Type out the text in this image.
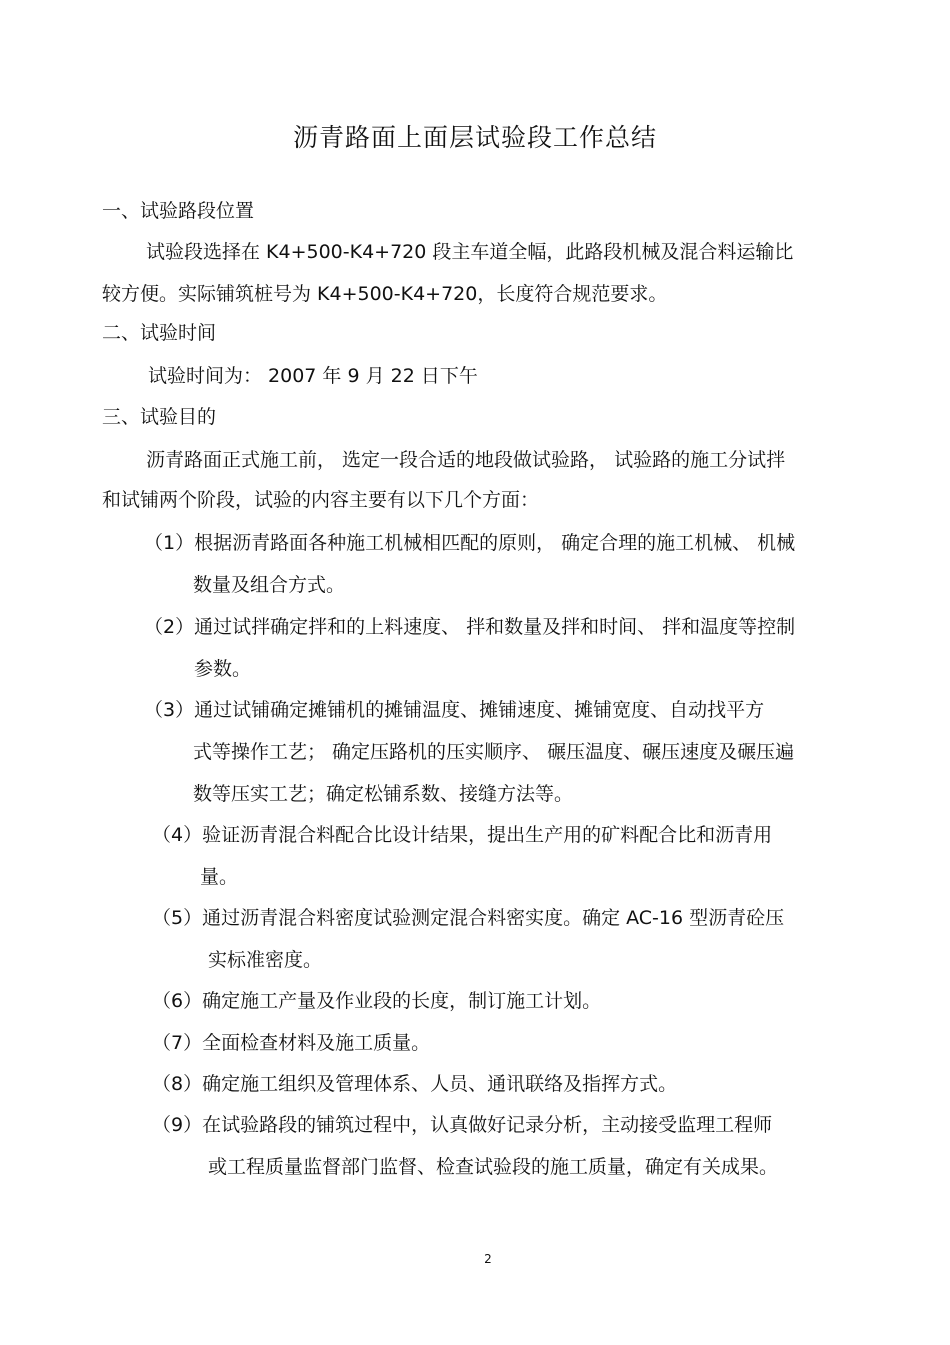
沥青路面上面层试验段工作总结
一、试验路段位置
试验段选择在 K4+500-K4+720 段主车道全幅，此路段机械及混合料运输比
较方便。实际铺筑桩号为 K4+500-K4+720，长度符合规范要求。
二、试验时间
试验时间为： 2007 年 9 月 22 日下午
三、试验目的
沥青路面正式施工前， 选定一段合适的地段做试验路， 试验路的施工分试拌
和试铺两个阶段，试验的内容主要有以下几个方面：
（1）根据沥青路面各种施工机械相匹配的原则， 确定合理的施工机械、 机械
数量及组合方式。
（2）通过试拌确定拌和的上料速度、 拌和数量及拌和时间、 拌和温度等控制
参数。
（3）通过试铺确定摊铺机的摊铺温度、摊铺速度、摊铺宽度、自动找平方
式等操作工艺； 确定压路机的压实顺序、 碾压温度、碾压速度及碾压遍
数等压实工艺；确定松铺系数、接缝方法等。
（4）验证沥青混合料配合比设计结果，提出生产用的矿料配合比和沥青用
量。
（5）通过沥青混合料密度试验测定混合料密实度。确定 AC-16 型沥青砼压
实标准密度。
（6）确定施工产量及作业段的长度，制订施工计划。
（7）全面检查材料及施工质量。
（8）确定施工组织及管理体系、人员、通讯联络及指挥方式。
（9）在试验路段的铺筑过程中，认真做好记录分析，主动接受监理工程师
或工程质量监督部门监督、检查试验段的施工质量，确定有关成果。
2
